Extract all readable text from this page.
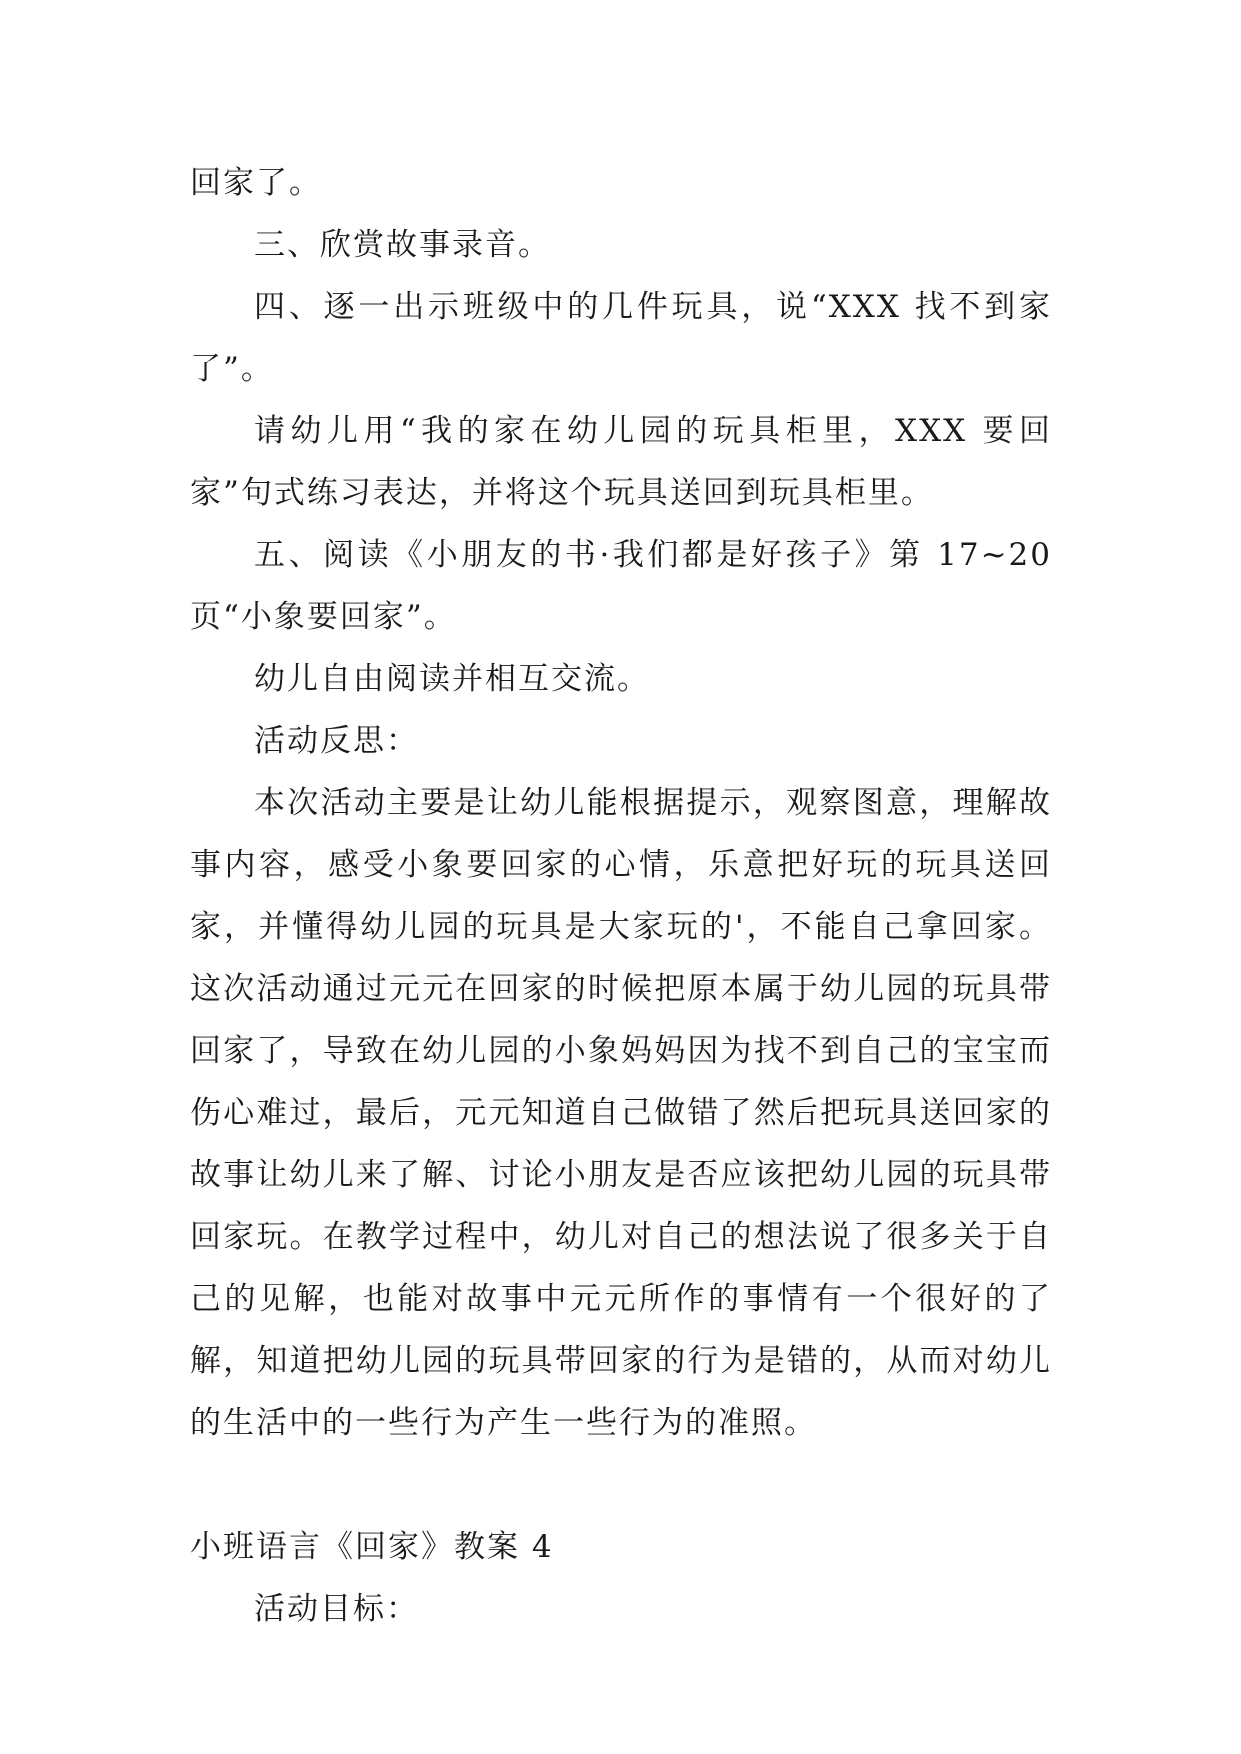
回家了。

三、欣赏故事录音。

四、逐一出示班级中的几件玩具，说“XXX 找不到家了”。

请幼儿用“我的家在幼儿园的玩具柜里，XXX 要回家”句式练习表达，并将这个玩具送回到玩具柜里。

五、阅读《小朋友的书·我们都是好孩子》第 17~20 页“小象要回家”。

幼儿自由阅读并相互交流。

活动反思：

本次活动主要是让幼儿能根据提示，观察图意，理解故事内容，感受小象要回家的心情，乐意把好玩的玩具送回家，并懂得幼儿园的玩具是大家玩的'，不能自己拿回家。这次活动通过元元在回家的时候把原本属于幼儿园的玩具带回家了，导致在幼儿园的小象妈妈因为找不到自己的宝宝而伤心难过，最后，元元知道自己做错了然后把玩具送回家的故事让幼儿来了解、讨论小朋友是否应该把幼儿园的玩具带回家玩。在教学过程中，幼儿对自己的想法说了很多关于自己的见解，也能对故事中元元所作的事情有一个很好的了解，知道把幼儿园的玩具带回家的行为是错的，从而对幼儿的生活中的一些行为产生一些行为的准照。

小班语言《回家》教案 4

活动目标：
